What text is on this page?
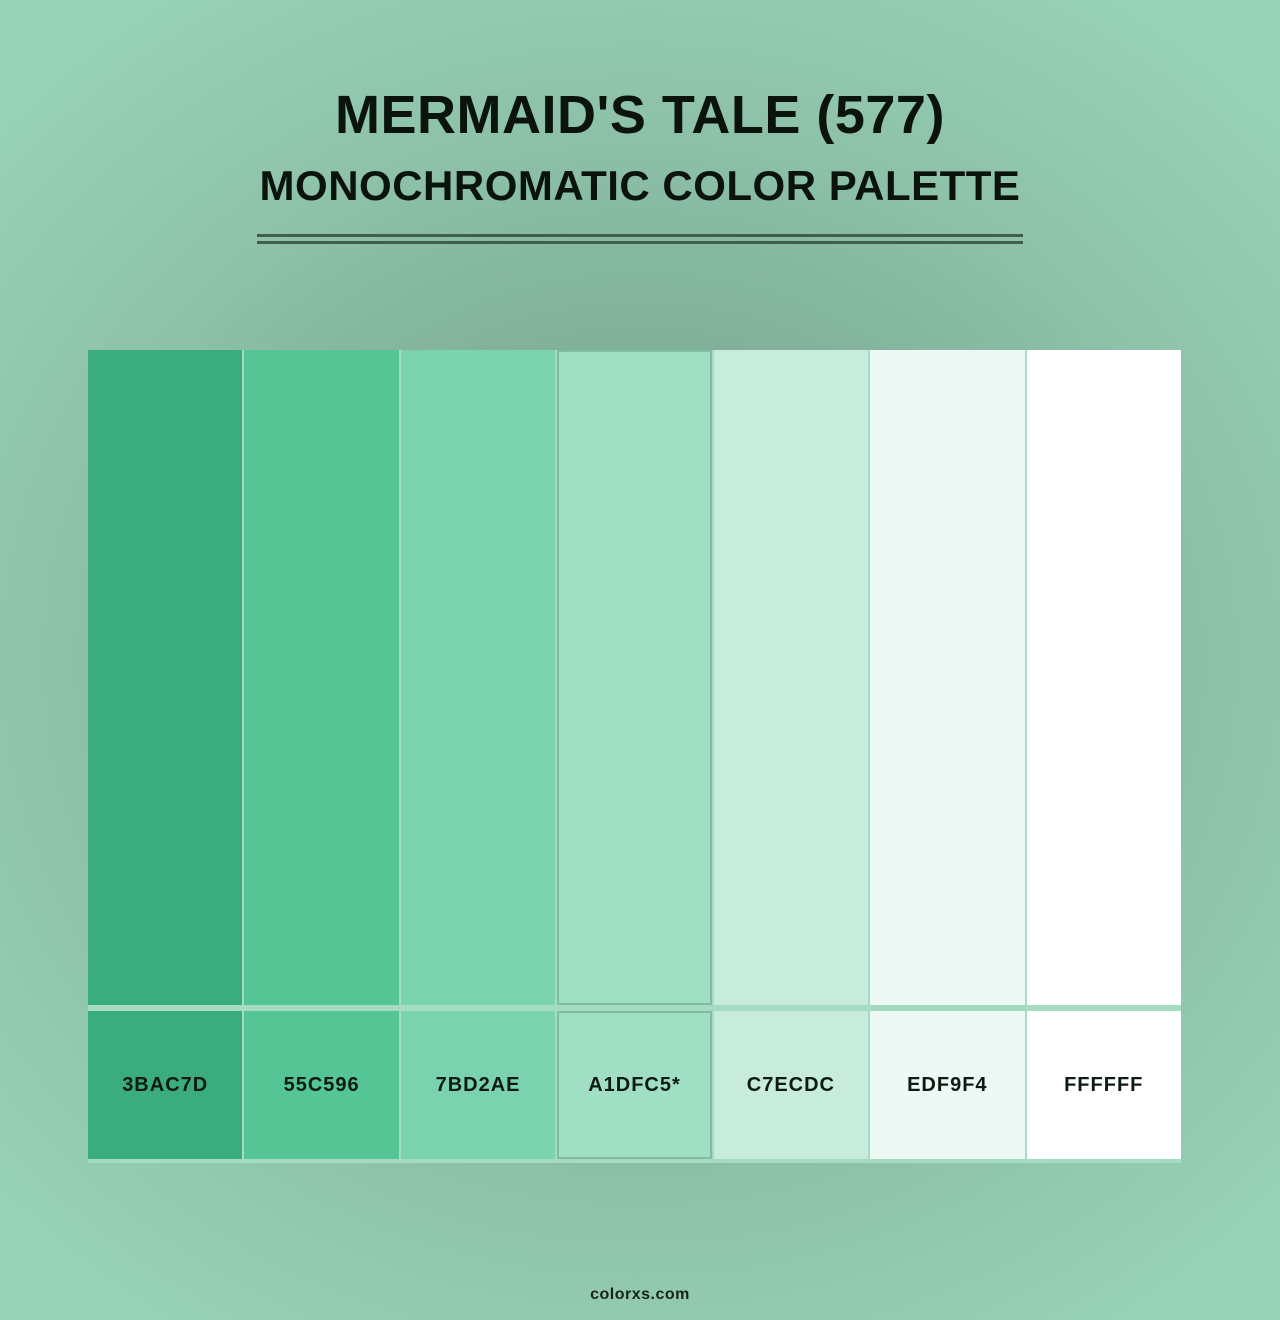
MERMAID'S TALE (577)
MONOCHROMATIC COLOR PALETTE
3BAC7D	55C596	7BD2AE	A1DFC5*	C7ECDC	EDF9F4	FFFFFF
colorxs.com
